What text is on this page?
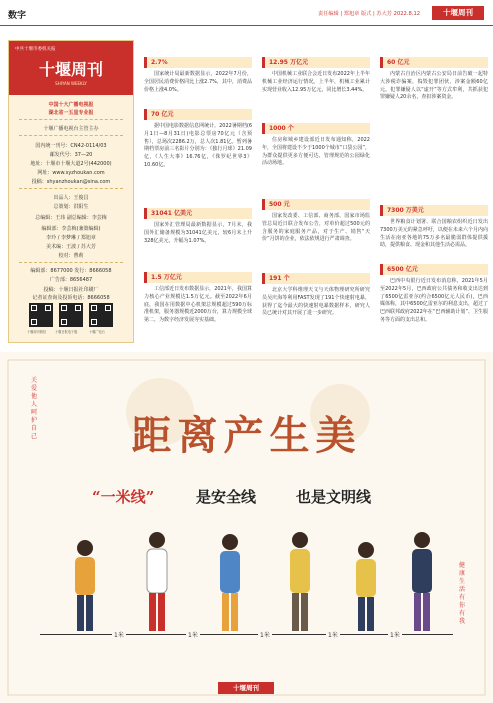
数字	责任编辑 | 郑旭章 版式 | 苏大芳 2022.8.12	十堰周刊
中共十堰市委机关报
十堰周刊
SHIYAN WEEKLY
中国十大广播电视报
湖北省一五星专业报
十堰广播电视台主管主办
国内统一刊号：CN42-0114/03
邮发代号：37—20
地址：十堰市十堰大道2号(442000)
网址：www.syzhoukan.com
投稿：shyanzhoukan@sina.com
出品人：王俊昌
总策划：洪阳生
总编辑：王玮 副总编辑：李芸梅
编辑部：李芸梅(兼策编辑)
李玲 / 李梦琳 / 郑旭章
美术编：王波 / 苏大芳
校对：曹莉
编辑部：8677000 发行：8666058
广告部：8656487
投稿：十堰日报社印刷厂
记者证查询及投诉电话：8666058
十堰周刊微信	十堰日报电子版	十堰广电台
2.7%
国家统计局最新数据显示，2022年7月份，全国居民消费价格同比上涨2.7%，其中，消费品价格上涨4.0%。
70 亿元
据中国电影数据信息网统计，2022暑期档(6月1日—8月31日)电影总票房70亿元（含预售），总场次2286.2万，总人次1.81亿。暂列暑期档票房前三名影片分别为：《独行月球》21.09亿，《人生大事》16.76亿，《侏罗纪世界3》10.60亿。
31041 亿美元
国家外汇管理局最新数据显示，7月末，我国外汇储备规模为31041亿美元，较6月末上升328亿美元，升幅为1.07%。
1.5 万亿元
工信部近日发布数据显示，2021年，我国算力核心产业规模达1.5万亿元。截至2022年6月底，我国在用数据中心机架总规模超过590万标准机架，服务器规模近2000万台，算力规模全球第二，为数字经济发展夯实基础。
12.95 万亿元
中国机械工业联合会近日发布2022年上半年机械工业经济运行情况。上半年，机械工业累计实现营业收入12.95万亿元，同比增长3.44%。
1000 个
住房和城乡建设部近日发布通知称，2022年，全国将建设不少于1000个城市“口袋公园”，为群众提供更多方便可达、管理规范的公园绿化活动场地。
500 元
国家发改委、工信部、商务部、国家市场监管总局近日联合发布公告，对单价超过500元的含服务的家庭服务产品，对于生产、销售“天价”月饼的企业，依法依规进行严肃调查。
191 个
北京大学科维理天文与天体物理研究所研究员吴庆海等利用FAST发现了191个快速射电暴，获得了迄今最大的快速射电暴数据样本，研究人员已统计对其开展了进一步研究。
60 亿元
内蒙古自治区内蒙古公安局日前告破一起特大涉税诈骗案，捣毁犯罪团伙，涉案金额60亿元。犯罪嫌疑人以“虚开”等方式牟利，共抓获犯罪嫌疑人20余名，查扣涉案资金。
7300 万美元
世界粮食计划署、联合国粮农组织近日发出7300万美元的紧急呼吁，以便在未来六个月内向生活在南亚各地的75万多名最脆弱群体提供援助，提供粮食、现金和其他生活必需品。
6500 亿元
巴西中央银行近日发布消息称，2021年5月至2022年5月，巴西政府公共债务和收支出达到了6500亿雷亚尔(约合6500亿元人民币)，巴西媒体称，其中6500亿雷亚尔的利息支出，超过了巴西联邦政府2022年在“巴西辅助计划”、卫生服务等方面的支出总和。
关爱他人呵护自己	距离产生美
“一米线”	是安全线	也是文明线
健康生活 有你有我
1米	1米	1米	1米	1米
十堰周刊
